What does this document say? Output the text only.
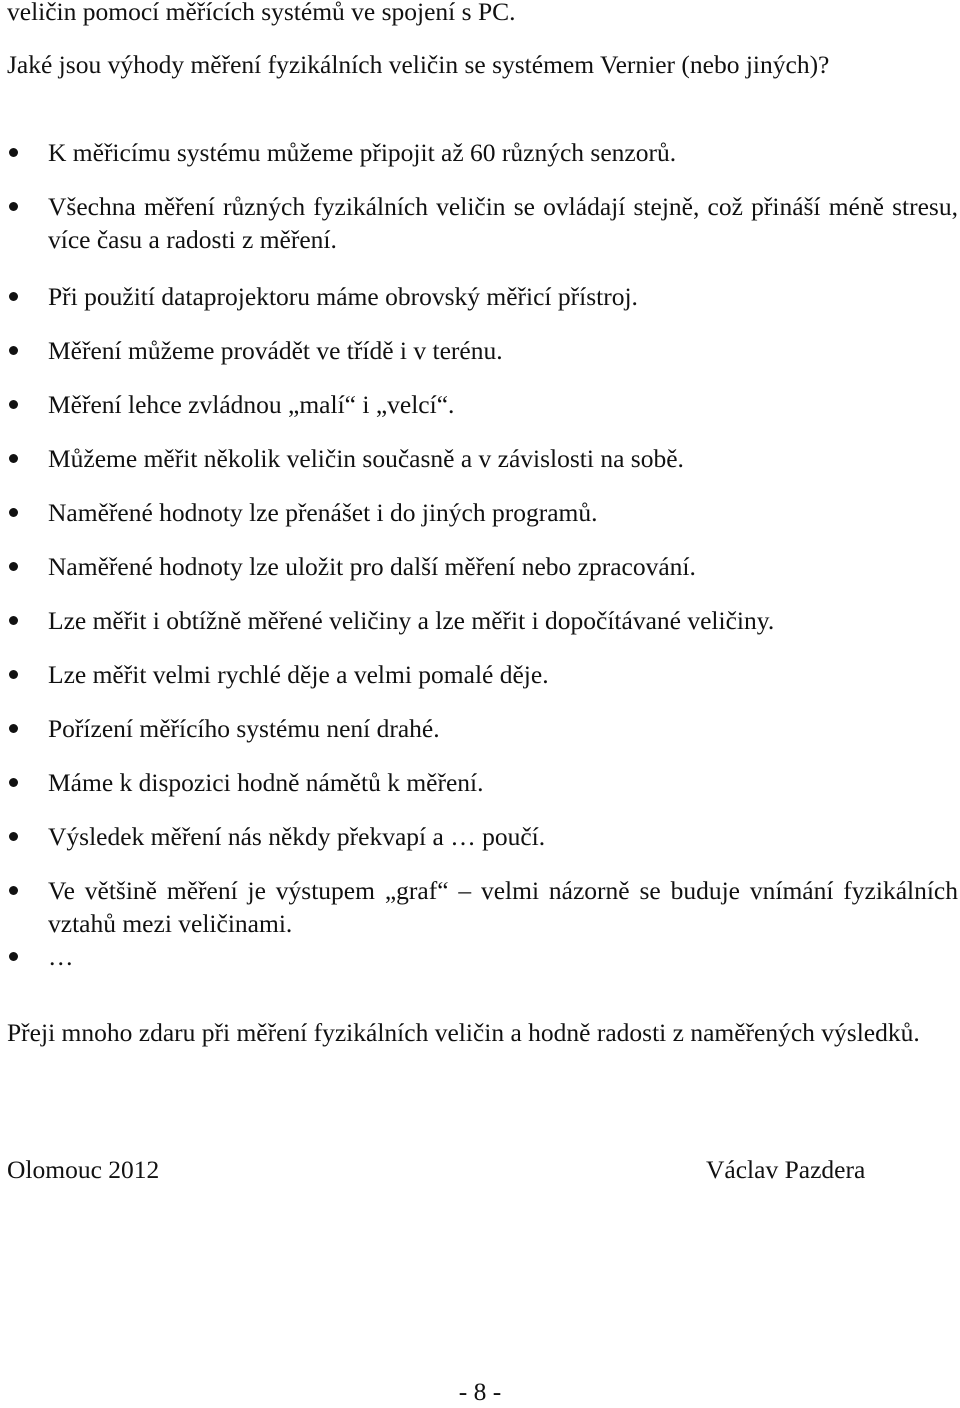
veličin pomocí měřících systémů ve spojení s PC.
Jaké jsou výhody měření fyzikálních veličin se systémem Vernier (nebo jiných)?
K měřicímu systému můžeme připojit až 60 různých senzorů.
Všechna měření různých fyzikálních veličin se ovládají stejně, což přináší méně stresu, více času a radosti z měření.
Při použití dataprojektoru máme obrovský měřicí přístroj.
Měření můžeme provádět ve třídě i v terénu.
Měření lehce zvládnou „malí“ i „velcí“.
Můžeme měřit několik veličin současně a v závislosti na sobě.
Naměřené hodnoty lze přenášet i do jiných programů.
Naměřené hodnoty lze uložit pro další měření nebo zpracování.
Lze měřit i obtížně měřené veličiny a lze měřit i dopočítávané veličiny.
Lze měřit velmi rychlé děje a velmi pomalé děje.
Pořízení měřícího systému není drahé.
Máme k dispozici hodně námětů k měření.
Výsledek měření nás někdy překvapí a … poučí.
Ve většině měření je výstupem „graf“ – velmi názorně se buduje vnímání fyzikálních vztahů mezi veličinami.
…
Přeji mnoho zdaru při měření fyzikálních veličin a hodně radosti z naměřených výsledků.
Olomouc 2012	Václav Pazdera
- 8 -
